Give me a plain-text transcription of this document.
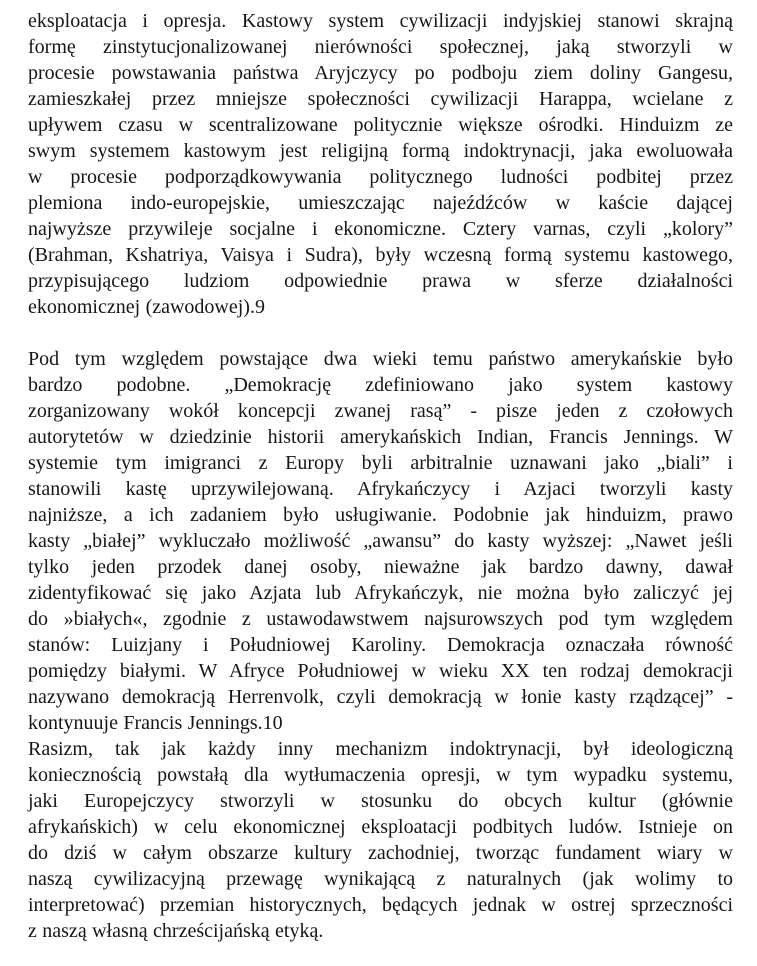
eksploatacja i opresja. Kastowy system cywilizacji indyjskiej stanowi skrajną
formę zinstytucjonalizowanej nierówności społecznej, jaką stworzyli w
procesie powstawania państwa Aryjczycy po podboju ziem doliny Gangesu,
zamieszkałej przez mniejsze społeczności cywilizacji Harappa, wcielane z
upływem czasu w scentralizowane politycznie większe ośrodki. Hinduizm ze
swym systemem kastowym jest religijną formą indoktrynacji, jaka ewoluowała
w procesie podporządkowywania politycznego ludności podbitej przez
plemiona indo-europejskie, umieszczając najeźdźców w kaście dającej
najwyższe przywileje socjalne i ekonomiczne. Cztery varnas, czyli „kolory”
(Brahman, Kshatriya, Vaisya i Sudra), były wczesną formą systemu kastowego,
przypisującego ludziom odpowiednie prawa w sferze działalności
ekonomicznej (zawodowej).9
Pod tym względem powstające dwa wieki temu państwo amerykańskie było
bardzo podobne. „Demokrację zdefiniowano jako system kastowy
zorganizowany wokół koncepcji zwanej rasą” - pisze jeden z czołowych
autorytetów w dziedzinie historii amerykańskich Indian, Francis Jennings. W
systemie tym imigranci z Europy byli arbitralnie uznawani jako „biali” i
stanowili kastę uprzywilejowaną. Afrykańczycy i Azjaci tworzyli kasty
najniższe, a ich zadaniem było usługiwanie. Podobnie jak hinduizm, prawo
kasty „białej” wykluczało możliwość „awansu” do kasty wyższej: „Nawet jeśli
tylko jeden przodek danej osoby, nieważne jak bardzo dawny, dawał
zidentyfikować się jako Azjata lub Afrykańczyk, nie można było zaliczyć jej
do »białych«, zgodnie z ustawodawstwem najsurowszych pod tym względem
stanów: Luizjany i Południowej Karoliny. Demokracja oznaczała równość
pomiędzy białymi. W Afryce Południowej w wieku XX ten rodzaj demokracji
nazywano demokracją Herrenvolk, czyli demokracją w łonie kasty rządzącej” -
kontynuuje Francis Jennings.10
Rasizm, tak jak każdy inny mechanizm indoktrynacji, był ideologiczną
koniecznością powstałą dla wytłumaczenia opresji, w tym wypadku systemu,
jaki Europejczycy stworzyli w stosunku do obcych kultur (głównie
afrykańskich) w celu ekonomicznej eksploatacji podbitych ludów. Istnieje on
do dziś w całym obszarze kultury zachodniej, tworząc fundament wiary w
naszą cywilizacyjną przewagę wynikającą z naturalnych (jak wolimy to
interpretować) przemian historycznych, będących jednak w ostrej sprzeczności
z naszą własną chrześcijańską etyką.
